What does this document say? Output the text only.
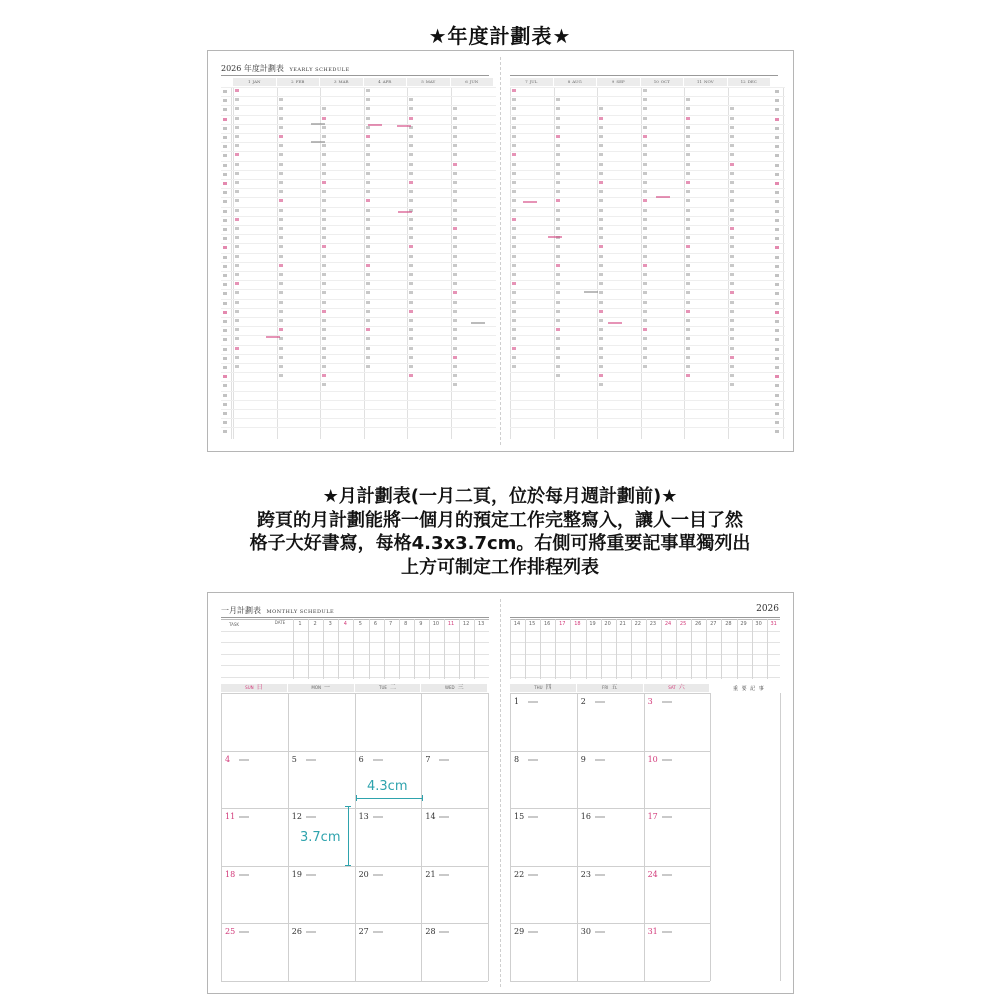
★年度計劃表★
2026 年度計劃表 YEARLY SCHEDULE
1 JAN	2 FEB	3 MAR	4 APR	5 MAY	6 JUN	7 JUL	8 AUG	9 SEP	10 OCT	11 NOV	12 DEC
★月計劃表(一月二頁，位於每月週計劃前)★
跨頁的月計劃能將一個月的預定工作完整寫入，讓人一目了然
格子大好書寫，每格4.3x3.7cm。右側可將重要記事單獨列出
上方可制定工作排程列表
一月計劃表 MONTHLY SCHEDULE	2026
TASK	DATE	1	2	3	4	5	6	7	8	9	10	11	12	13	14	15	16	17	18	19	20	21	22	23	24	25	26	27	28	29	30	31
SUN 日	MON 一	TUE 二	WED 三	THU 四	FRI 五	SAT 六
4	5	6	7
11	12	13	14
18	19	20	21
25	26	27	28
1	2	3
8	9	10
15	16	17
22	23	24
29	30	31
重 要 記 事
4.3cm
3.7cm
